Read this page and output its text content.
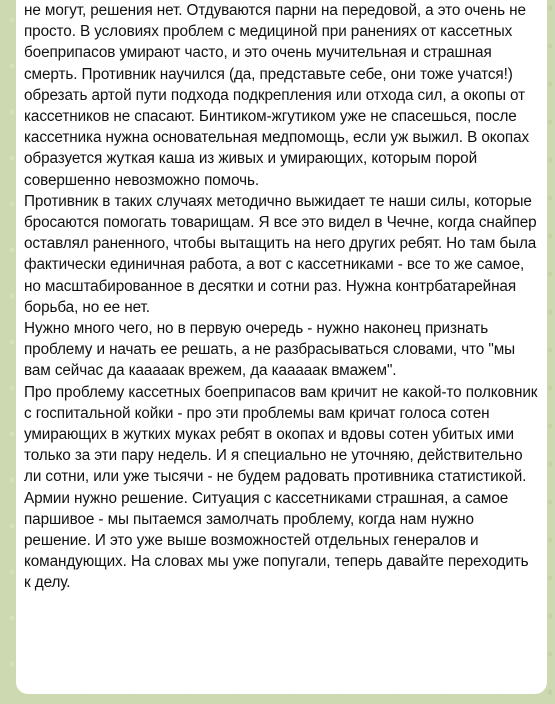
не могут, решения нет. Отдуваются парни на передовой, а это очень не просто. В условиях проблем с медициной при ранениях от кассетных боеприпасов умирают часто, и это очень мучительная и страшная смерть. Противник научился (да, представьте себе, они тоже учатся!) обрезать артой пути подхода подкрепления или отхода сил, а окопы от кассетников не спасают. Бинтиком-жгутиком уже не спасешься, после кассетника нужна основательная медпомощь, если уж выжил. В окопах образуется жуткая каша из живых и умирающих, которым порой совершенно невозможно помочь.
Противник в таких случаях методично выжидает те наши силы, которые бросаются помогать товарищам. Я все это видел в Чечне, когда снайпер оставлял раненного, чтобы вытащить на него других ребят. Но там была фактически единичная работа, а вот с кассетниками - все то же самое, но масштабированное в десятки и сотни раз. Нужна контрбатарейная борьба, но ее нет.
Нужно много чего, но в первую очередь - нужно наконец признать проблему и начать ее решать, а не разбрасываться словами, что "мы вам сейчас да кааааак врежем, да кааааак вмажем".
Про проблему кассетных боеприпасов вам кричит не какой-то полковник с госпитальной койки - про эти проблемы вам кричат голоса сотен умирающих в жутких муках ребят в окопах и вдовы сотен убитых ими только за эти пару недель. И я специально не уточняю, действительно ли сотни, или уже тысячи - не будем радовать противника статистикой.
Армии нужно решение. Ситуация с кассетниками страшная, а самое паршивое - мы пытаемся замолчать проблему, когда нам нужно решение. И это уже выше возможностей отдельных генералов и командующих. На словах мы уже попугали, теперь давайте переходить к делу.
